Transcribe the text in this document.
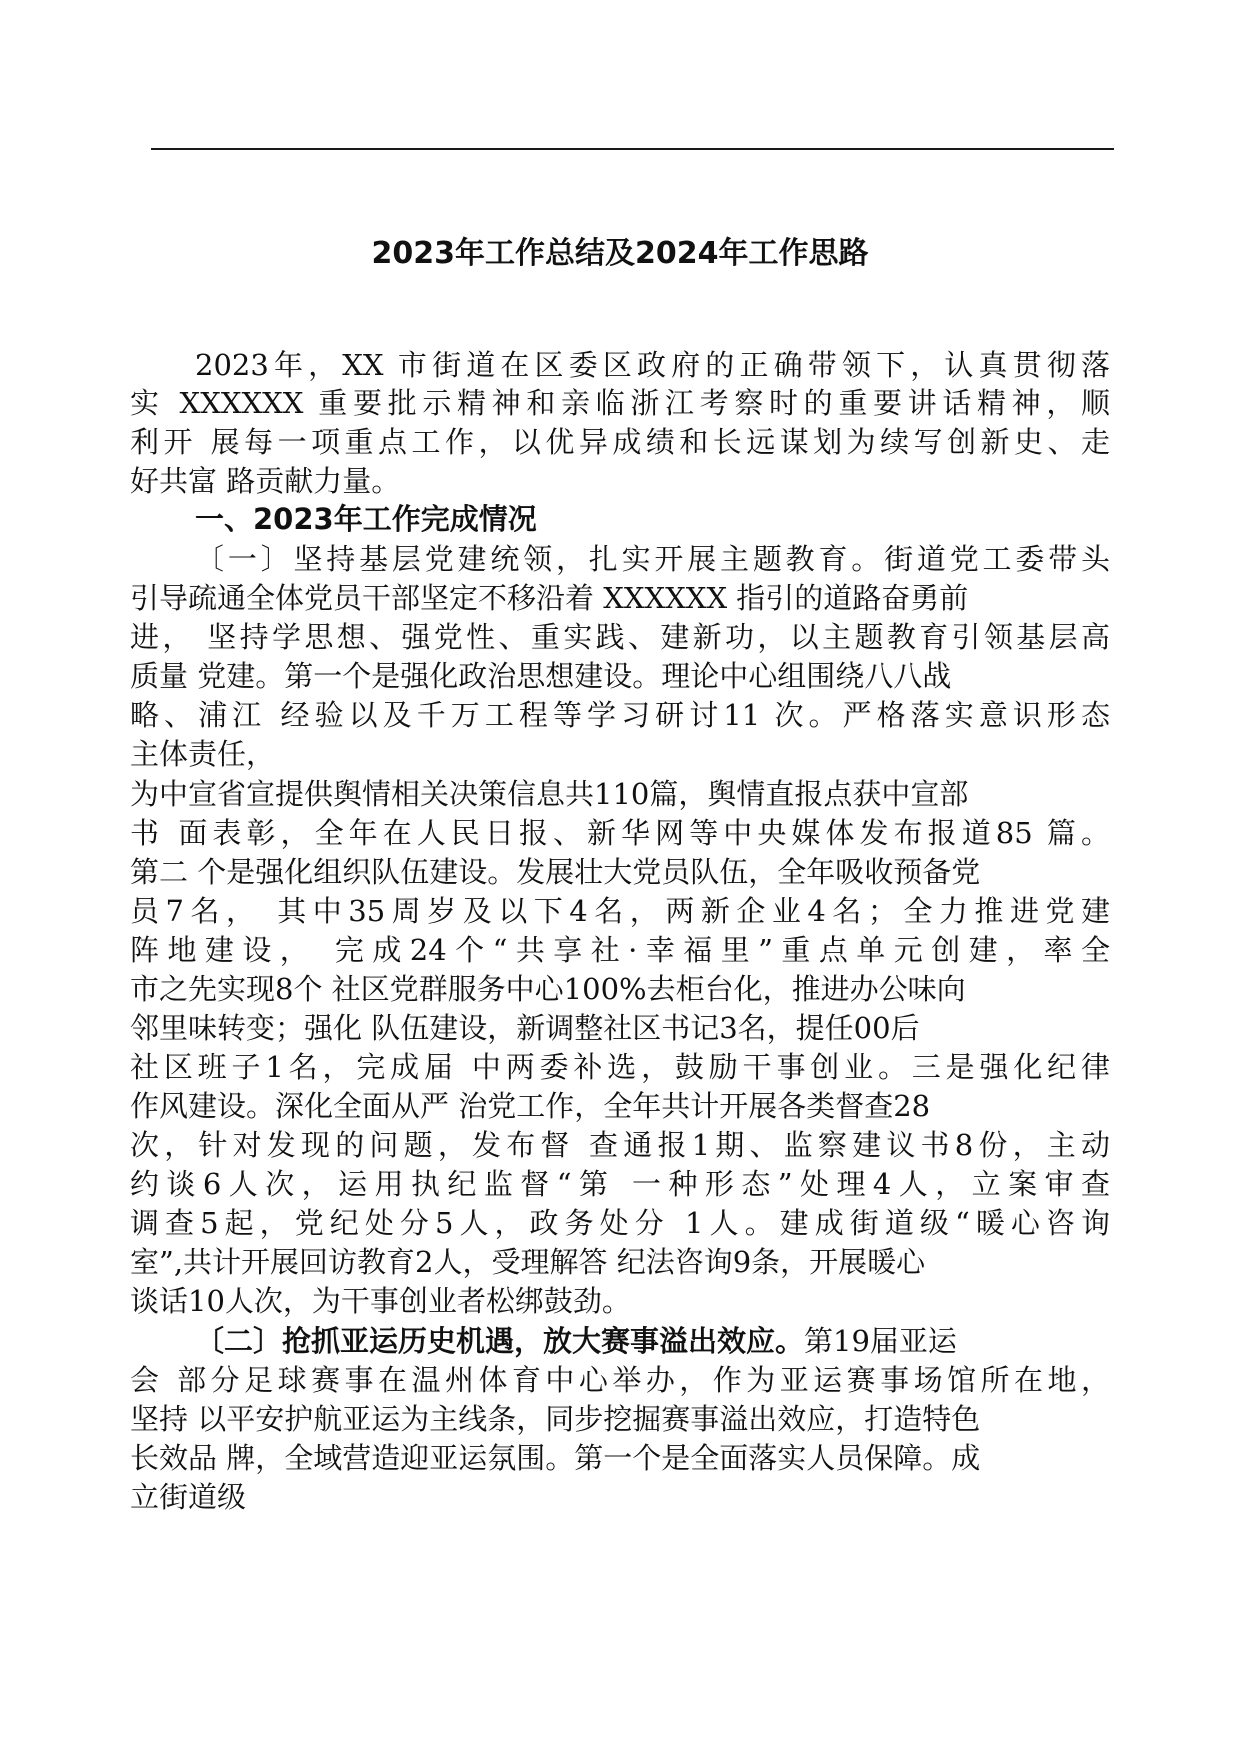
2023年工作总结及2024年工作思路
2023年，XX 市街道在区委区政府的正确带领下，认真贯彻落
实 XXXXXX 重要批示精神和亲临浙江考察时的重要讲话精神，顺
利开 展每一项重点工作，以优异成绩和长远谋划为续写创新史、走
好共富 路贡献力量。
一、2023年工作完成情况
〔一〕坚持基层党建统领，扎实开展主题教育。街道党工委带头
引导疏通全体党员干部坚定不移沿着 XXXXXX 指引的道路奋勇前
进， 坚持学思想、强党性、重实践、建新功，以主题教育引领基层高
质量 党建。第一个是强化政治思想建设。理论中心组围绕八八战
略、浦江 经验以及千万工程等学习研讨11 次。严格落实意识形态
主体责任，
为中宣省宣提供舆情相关决策信息共110篇，舆情直报点获中宣部
书 面表彰，全年在人民日报、新华网等中央媒体发布报道85 篇。
第二 个是强化组织队伍建设。发展壮大党员队伍，全年吸收预备党
员7名， 其中35周岁及以下4名，两新企业4名；全力推进党建
阵地建设， 完成24个“共享社·幸福里”重点单元创建，率全
市之先实现8个 社区党群服务中心100%去柜台化，推进办公味向
邻里味转变；强化 队伍建设，新调整社区书记3名，提任00后
社区班子1名，完成届 中两委补选，鼓励干事创业。三是强化纪律
作风建设。深化全面从严 治党工作，全年共计开展各类督查28
次，针对发现的问题，发布督 查通报1期、监察建议书8份，主动
约谈6人次，运用执纪监督“第 一种形态”处理4人，立案审查
调查5起，党纪处分5人，政务处分 1人。建成街道级“暖心咨询
室”,共计开展回访教育2人，受理解答 纪法咨询9条，开展暖心
谈话10人次，为干事创业者松绑鼓劲。
〔二〕抢抓亚运历史机遇，放大赛事溢出效应。第19届亚运
会 部分足球赛事在温州体育中心举办，作为亚运赛事场馆所在地，
坚持 以平安护航亚运为主线条，同步挖掘赛事溢出效应，打造特色
长效品 牌，全域营造迎亚运氛围。第一个是全面落实人员保障。成
立街道级
